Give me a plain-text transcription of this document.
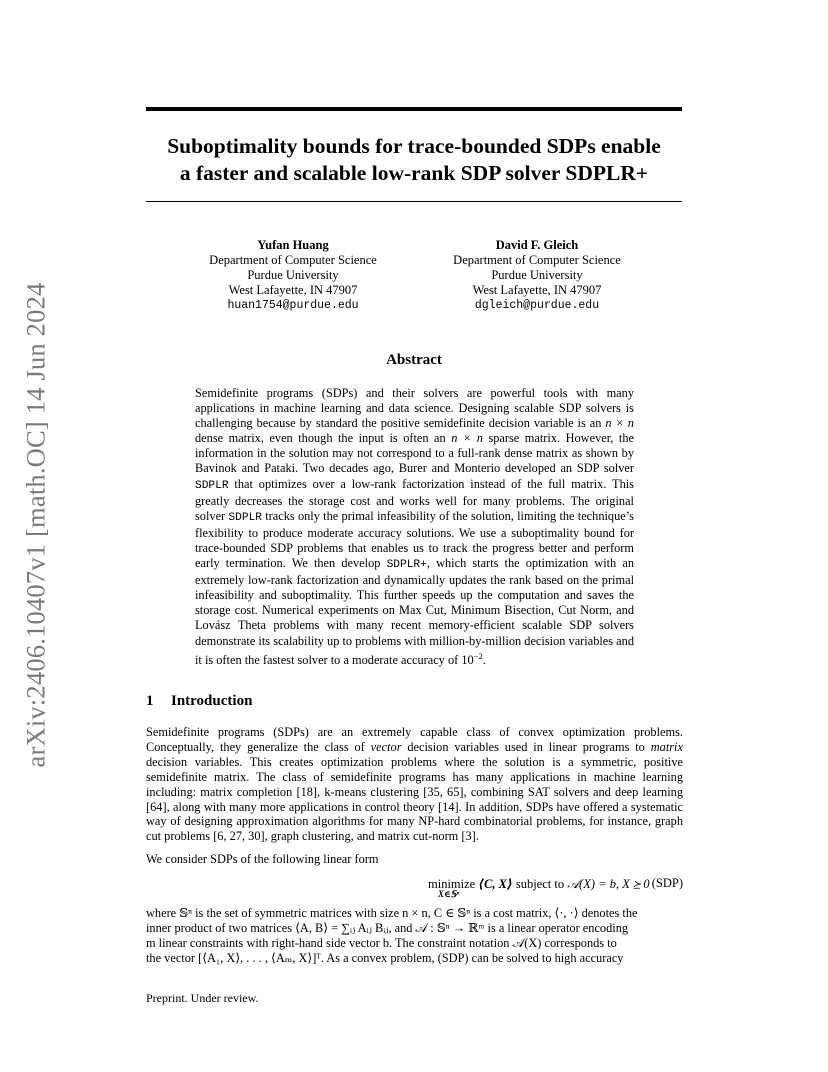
arXiv:2406.10407v1 [math.OC] 14 Jun 2024
Suboptimality bounds for trace-bounded SDPs enable
a faster and scalable low-rank SDP solver SDPLR+
Yufan Huang
Department of Computer Science
Purdue University
West Lafayette, IN 47907
huan1754@purdue.edu
David F. Gleich
Department of Computer Science
Purdue University
West Lafayette, IN 47907
dgleich@purdue.edu
Abstract
Semidefinite programs (SDPs) and their solvers are powerful tools with many applications in machine learning and data science. Designing scalable SDP solvers is challenging because by standard the positive semidefinite decision variable is an n × n dense matrix, even though the input is often an n × n sparse matrix. However, the information in the solution may not correspond to a full-rank dense matrix as shown by Bavinok and Pataki. Two decades ago, Burer and Monterio developed an SDP solver SDPLR that optimizes over a low-rank factorization instead of the full matrix. This greatly decreases the storage cost and works well for many problems. The original solver SDPLR tracks only the primal infeasibility of the solution, limiting the technique’s flexibility to produce moderate accuracy solutions. We use a suboptimality bound for trace-bounded SDP problems that enables us to track the progress better and perform early termination. We then develop SDPLR+, which starts the optimization with an extremely low-rank factorization and dynamically updates the rank based on the primal infeasibility and suboptimality. This further speeds up the computation and saves the storage cost. Numerical experiments on Max Cut, Minimum Bisection, Cut Norm, and Lovász Theta problems with many recent memory-efficient scalable SDP solvers demonstrate its scalability up to problems with million-by-million decision variables and it is often the fastest solver to a moderate accuracy of $10^{-2}$.
1 Introduction
Semidefinite programs (SDPs) are an extremely capable class of convex optimization problems. Conceptually, they generalize the class of vector decision variables used in linear programs to matrix decision variables. This creates optimization problems where the solution is a symmetric, positive semidefinite matrix. The class of semidefinite programs has many applications in machine learning including: matrix completion [18], k-means clustering [35, 65], combining SAT solvers and deep learning [64], along with many more applications in control theory [14]. In addition, SDPs have offered a systematic way of designing approximation algorithms for many NP-hard combinatorial problems, for instance, graph cut problems [6, 27, 30], graph clustering, and matrix cut-norm [3].
We consider SDPs of the following linear form
minimize
X∈𝕊ⁿ
⟨C, X⟩ subject to 𝒜(X) = b, X ⪰ 0 (SDP)
where 𝕊ⁿ is the set of symmetric matrices with size n × n, C ∈ 𝕊ⁿ is a cost matrix, ⟨·, ·⟩ denotes the
inner product of two matrices ⟨A, B⟩ = ∑ᵢⱼ Aᵢⱼ Bᵢⱼ, and 𝒜 : 𝕊ⁿ → ℝᵐ is a linear operator encoding
m linear constraints with right-hand side vector b. The constraint notation 𝒜(X) corresponds to
the vector [⟨A₁, X⟩, . . . , ⟨Aₘ, X⟩]ᵀ. As a convex problem, (SDP) can be solved to high accuracy
Preprint. Under review.
